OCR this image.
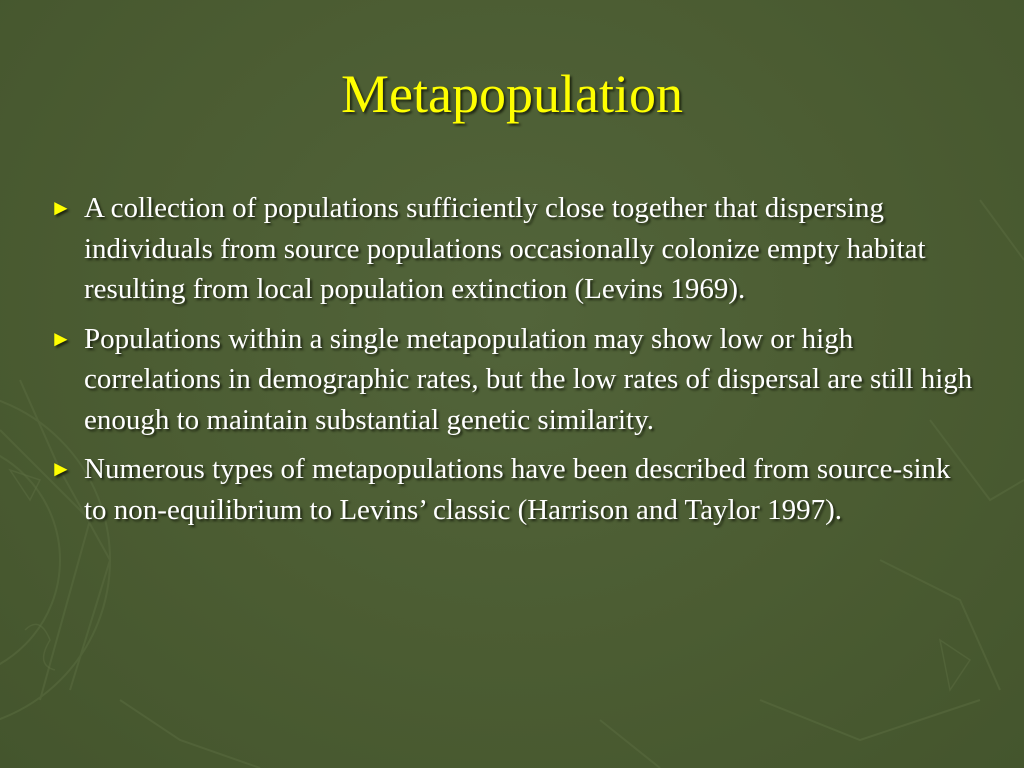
Metapopulation
► A collection of populations sufficiently close together that dispersing individuals from source populations occasionally colonize empty habitat resulting from local population extinction (Levins 1969).
► Populations within a single metapopulation may show low or high correlations in demographic rates, but the low rates of dispersal are still high enough to maintain substantial genetic similarity.
► Numerous types of metapopulations have been described from source-sink to non-equilibrium to Levins’ classic (Harrison and Taylor 1997).
